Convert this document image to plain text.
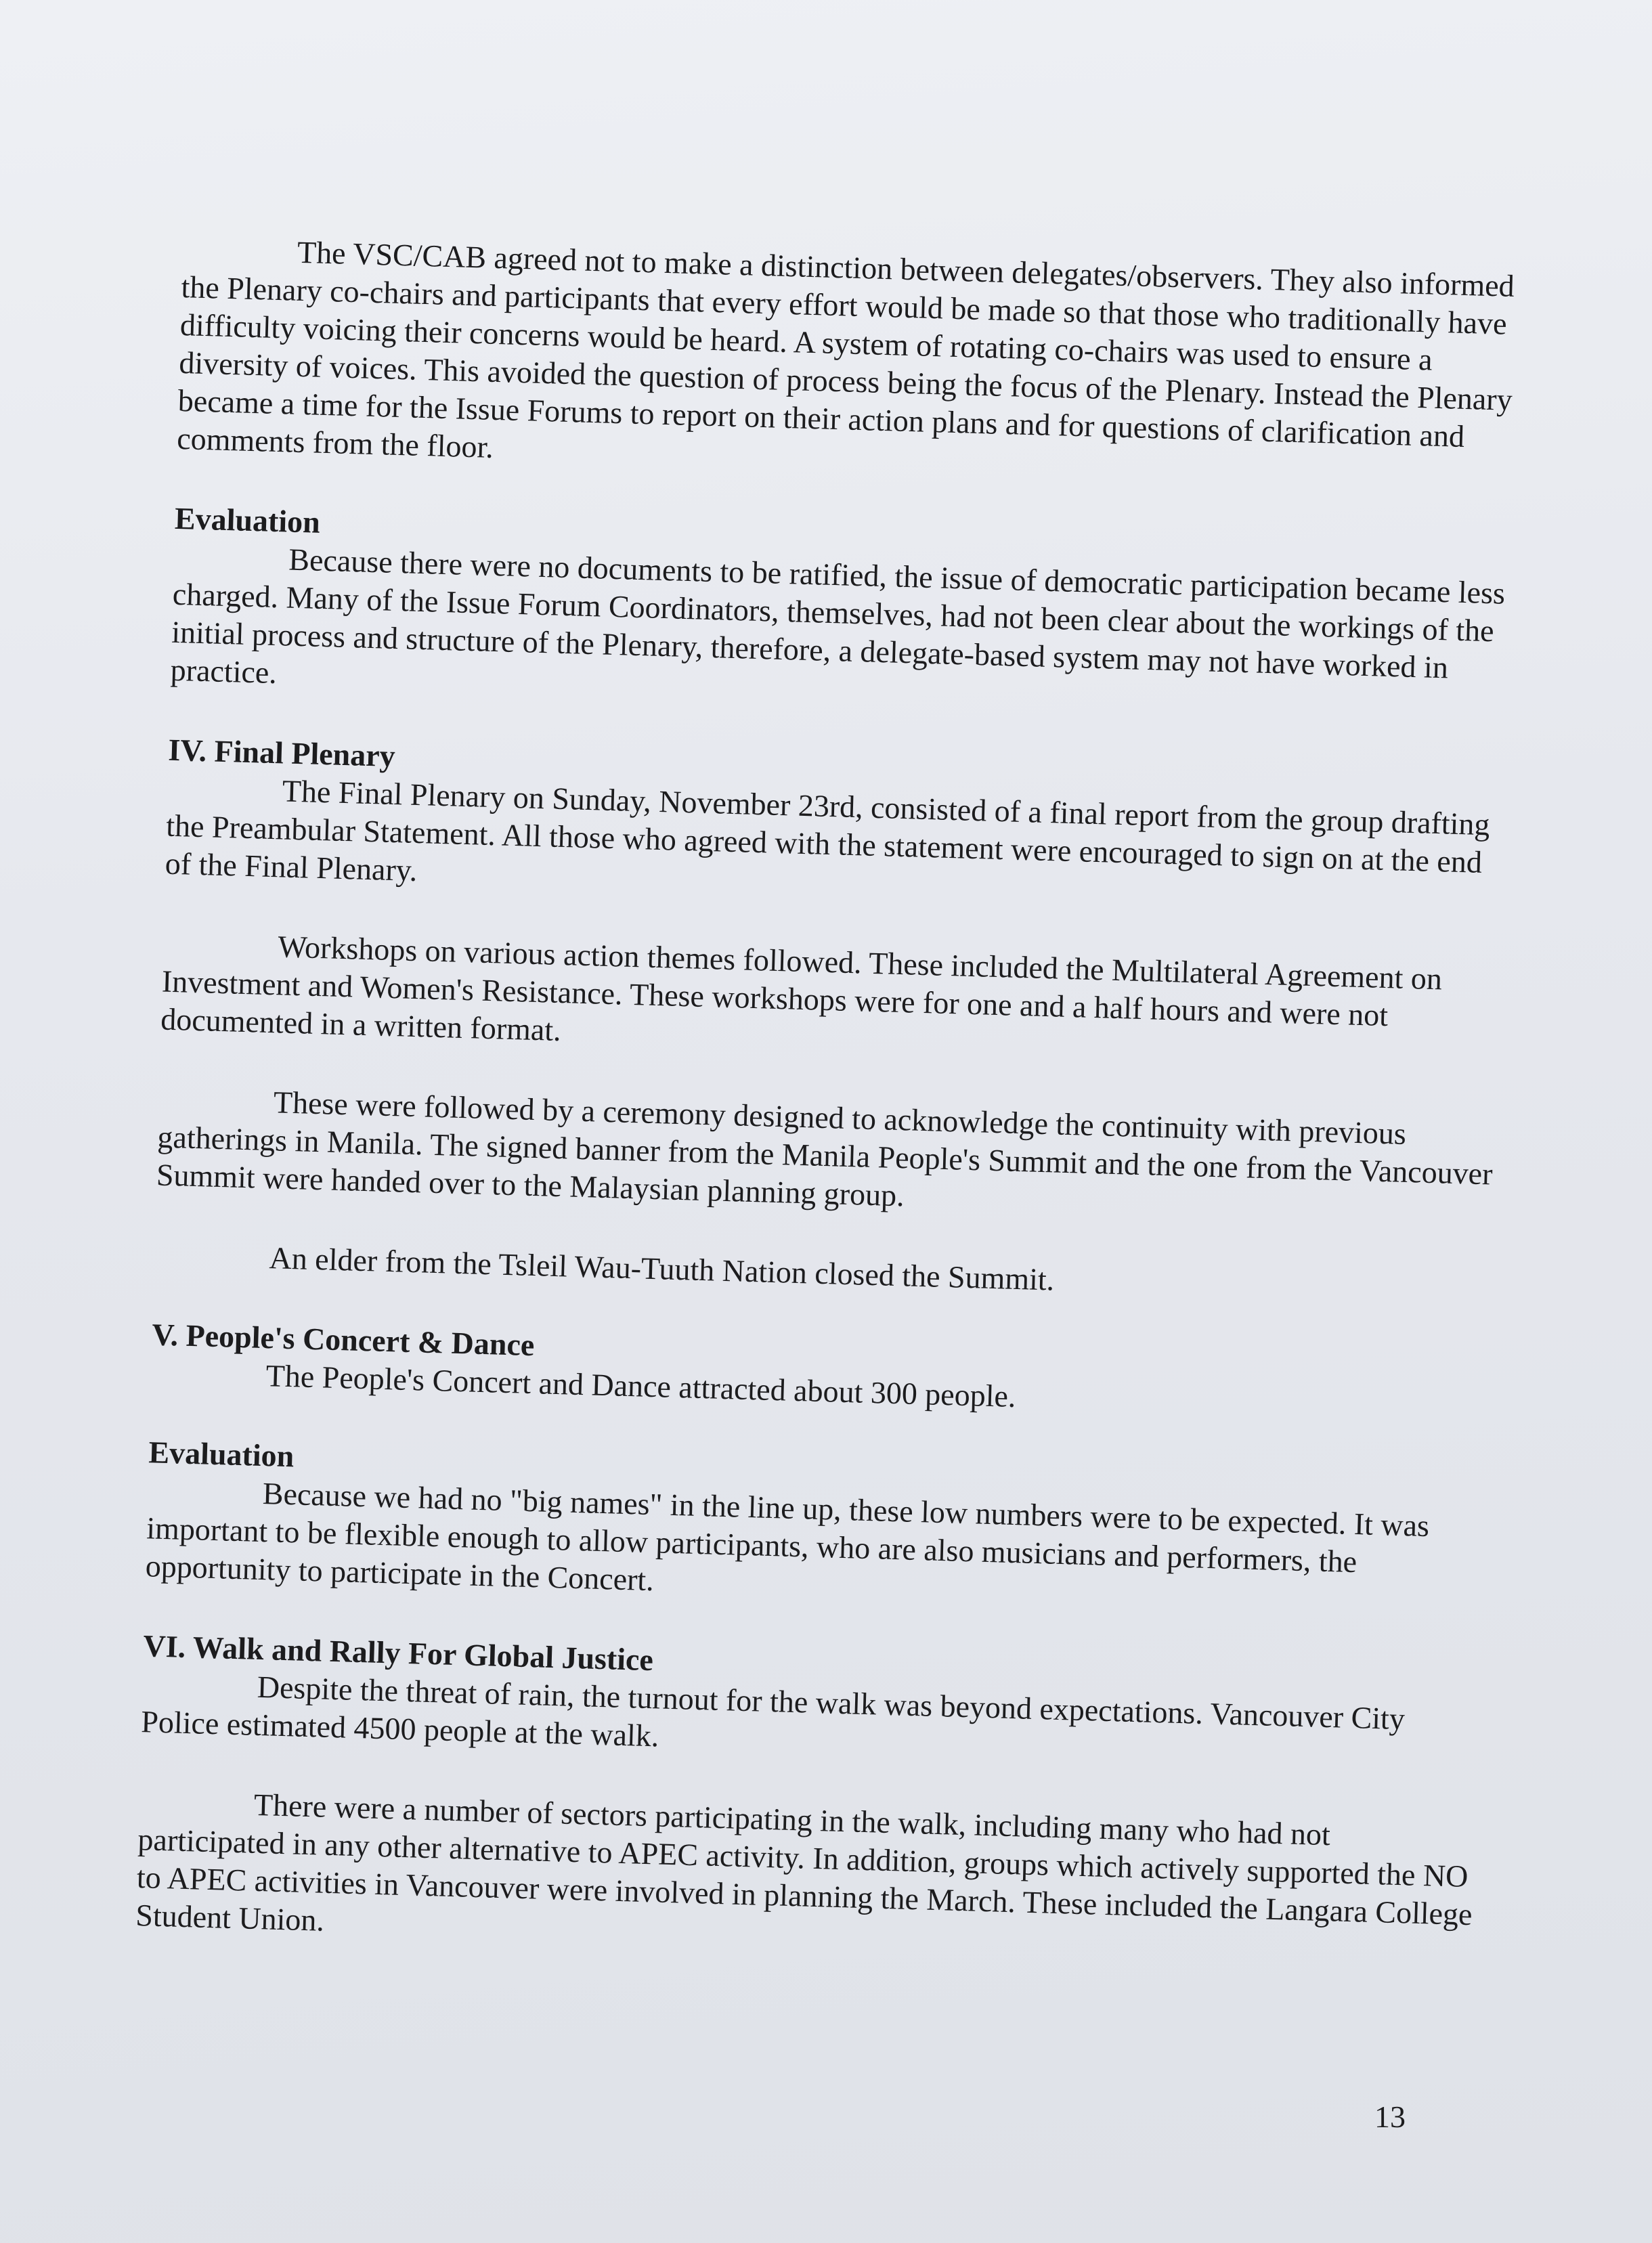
The VSC/CAB agreed not to make a distinction between delegates/observers. They also informed the Plenary co-chairs and participants that every effort would be made so that those who traditionally have difficulty voicing their concerns would be heard. A system of rotating co-chairs was used to ensure a diversity of voices. This avoided the question of process being the focus of the Plenary. Instead the Plenary became a time for the Issue Forums to report on their action plans and for questions of clarification and comments from the floor.

Evaluation

Because there were no documents to be ratified, the issue of democratic participation became less charged. Many of the Issue Forum Coordinators, themselves, had not been clear about the workings of the initial process and structure of the Plenary, therefore, a delegate-based system may not have worked in practice.

IV. Final Plenary

The Final Plenary on Sunday, November 23rd, consisted of a final report from the group drafting the Preambular Statement. All those who agreed with the statement were encouraged to sign on at the end of the Final Plenary.

Workshops on various action themes followed. These included the Multilateral Agreement on Investment and Women's Resistance. These workshops were for one and a half hours and were not documented in a written format.

These were followed by a ceremony designed to acknowledge the continuity with previous gatherings in Manila. The signed banner from the Manila People's Summit and the one from the Vancouver Summit were handed over to the Malaysian planning group.

An elder from the Tsleil Wau-Tuuth Nation closed the Summit.

V. People's Concert & Dance

The People's Concert and Dance attracted about 300 people.

Evaluation

Because we had no "big names" in the line up, these low numbers were to be expected. It was important to be flexible enough to allow participants, who are also musicians and performers, the opportunity to participate in the Concert.

VI. Walk and Rally For Global Justice

Despite the threat of rain, the turnout for the walk was beyond expectations. Vancouver City Police estimated 4500 people at the walk.

There were a number of sectors participating in the walk, including many who had not participated in any other alternative to APEC activity. In addition, groups which actively supported the NO to APEC activities in Vancouver were involved in planning the March. These included the Langara College Student Union.

13
